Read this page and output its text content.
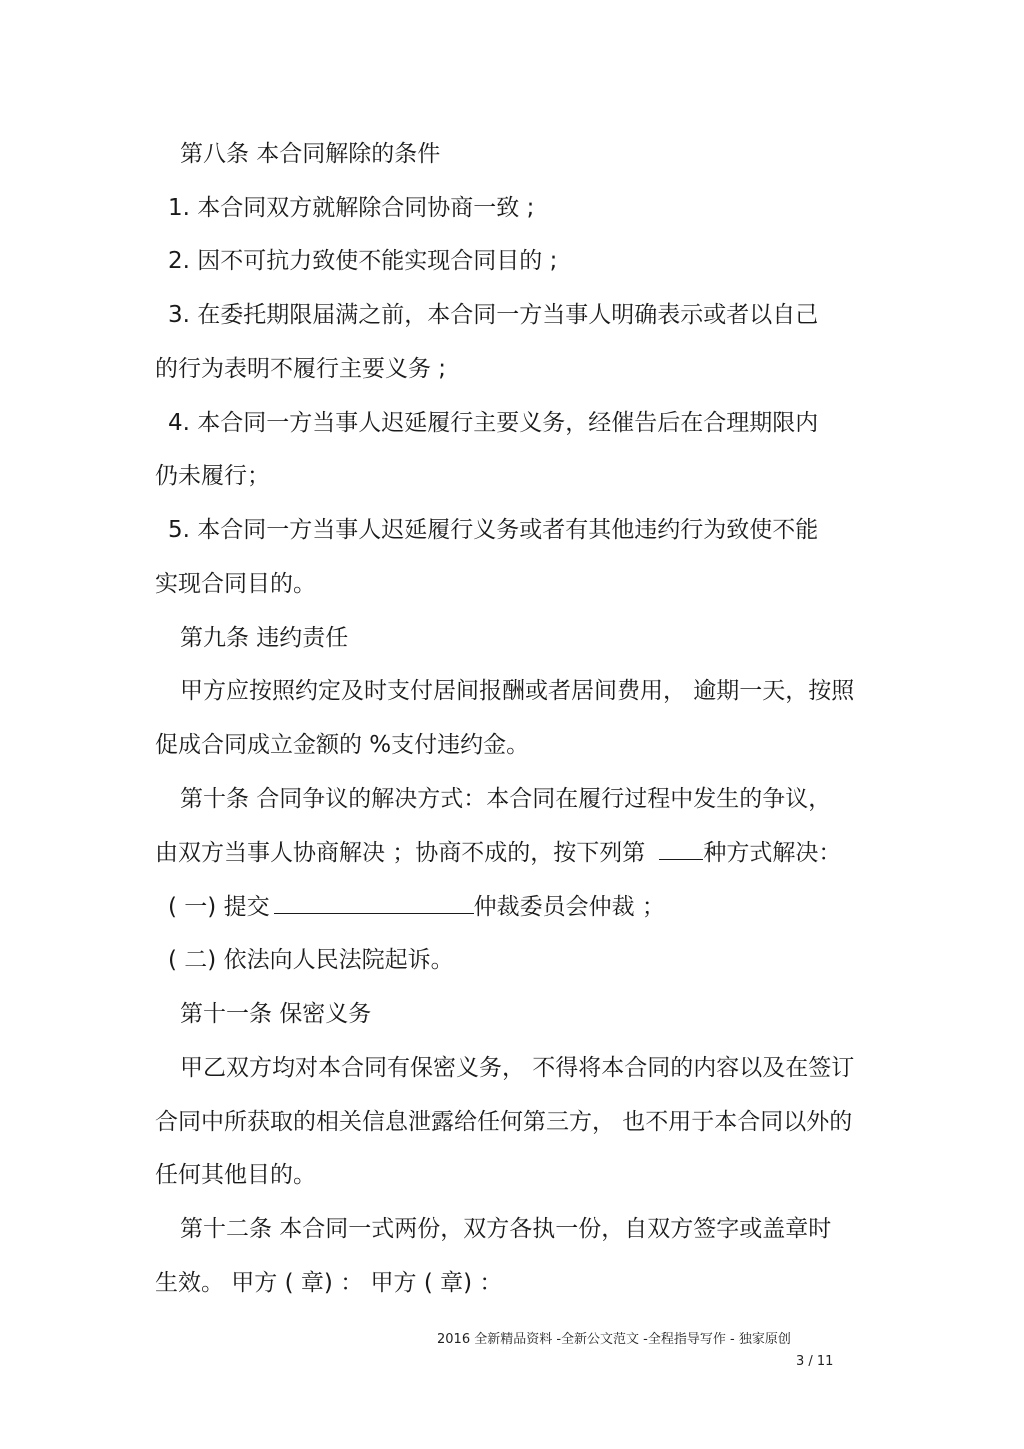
第八条 本合同解除的条件
1. 本合同双方就解除合同协商一致 ;
2. 因不可抗力致使不能实现合同目的 ;
3. 在委托期限届满之前，本合同一方当事人明确表示或者以自己
的行为表明不履行主要义务 ;
4. 本合同一方当事人迟延履行主要义务，经催告后在合理期限内
仍未履行；
5. 本合同一方当事人迟延履行义务或者有其他违约行为致使不能
实现合同目的。
第九条 违约责任
甲方应按照约定及时支付居间报酬或者居间费用， 逾期一天，按照
促成合同成立金额的 %支付违约金。
第十条 合同争议的解决方式：本合同在履行过程中发生的争议，
由双方当事人协商解决 ；协商不成的，按下列第	种方式解决：
( 一) 提交	仲裁委员会仲裁 ；
( 二) 依法向人民法院起诉。
第十一条 保密义务
甲乙双方均对本合同有保密义务， 不得将本合同的内容以及在签订
合同中所获取的相关信息泄露给任何第三方， 也不用于本合同以外的
任何其他目的。
第十二条 本合同一式两份，双方各执一份，自双方签字或盖章时
生效。 甲方 ( 章) ： 甲方 ( 章) ：
2016 全新精品资料 -全新公文范文 -全程指导写作 - 独家原创
3 / 11
